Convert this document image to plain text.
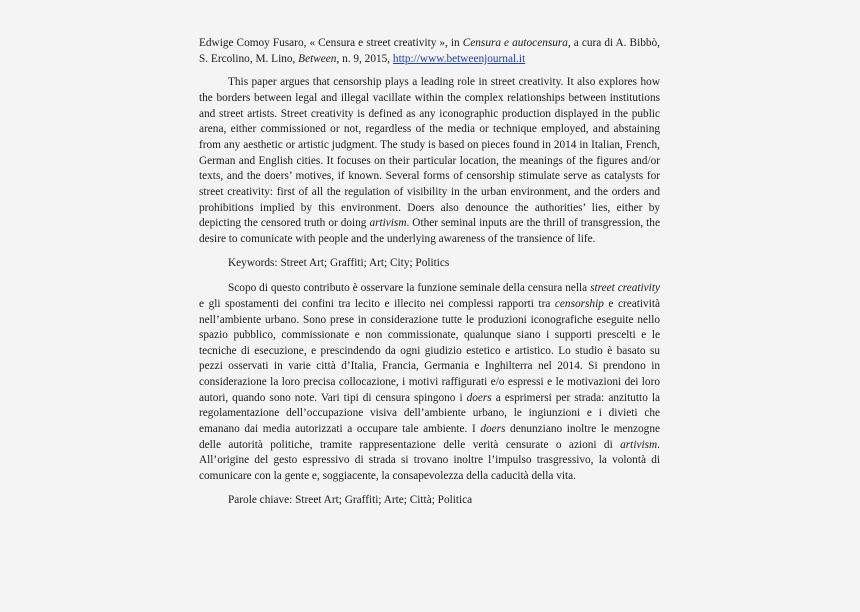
Edwige Comoy Fusaro, « Censura e street creativity », in Censura e autocensura, a cura di A. Bibbò, S. Ercolino, M. Lino, Between, n. 9, 2015, http://www.betweenjournal.it

This paper argues that censorship plays a leading role in street creativity. It also explores how the borders between legal and illegal vacillate within the complex relationships between institutions and street artists. Street creativity is defined as any iconographic production displayed in the public arena, either commissioned or not, regardless of the media or technique employed, and abstaining from any aesthetic or artistic judgment. The study is based on pieces found in 2014 in Italian, French, German and English cities. It focuses on their particular location, the meanings of the figures and/or texts, and the doers’ motives, if known. Several forms of censorship stimulate serve as catalysts for street creativity: first of all the regulation of visibility in the urban environment, and the orders and prohibitions implied by this environment. Doers also denounce the authorities’ lies, either by depicting the censored truth or doing artivism. Other seminal inputs are the thrill of transgression, the desire to comunicate with people and the underlying awareness of the transience of life.

Keywords: Street Art; Graffiti; Art; City; Politics

Scopo di questo contributo è osservare la funzione seminale della censura nella street creativity e gli spostamenti dei confini tra lecito e illecito nei complessi rapporti tra censorship e creatività nell’ambiente urbano. Sono prese in considerazione tutte le produzioni iconografiche eseguite nello spazio pubblico, commissionate e non commissionate, qualunque siano i supporti prescelti e le tecniche di esecuzione, e prescindendo da ogni giudizio estetico e artistico. Lo studio è basato su pezzi osservati in varie città d’Italia, Francia, Germania e Inghilterra nel 2014. Si prendono in considerazione la loro precisa collocazione, i motivi raffigurati e/o espressi e le motivazioni dei loro autori, quando sono note. Vari tipi di censura spingono i doers a esprimersi per strada: anzitutto la regolamentazione dell’occupazione visiva dell’ambiente urbano, le ingiunzioni e i divieti che emanano dai media autorizzati a occupare tale ambiente. I doers denunziano inoltre le menzogne delle autorità politiche, tramite rappresentazione delle verità censurate o azioni di artivism. All’origine del gesto espressivo di strada si trovano inoltre l’impulso trasgressivo, la volontà di comunicare con la gente e, soggiacente, la consapevolezza della caducità della vita.

Parole chiave: Street Art; Graffiti; Arte; Città; Politica
